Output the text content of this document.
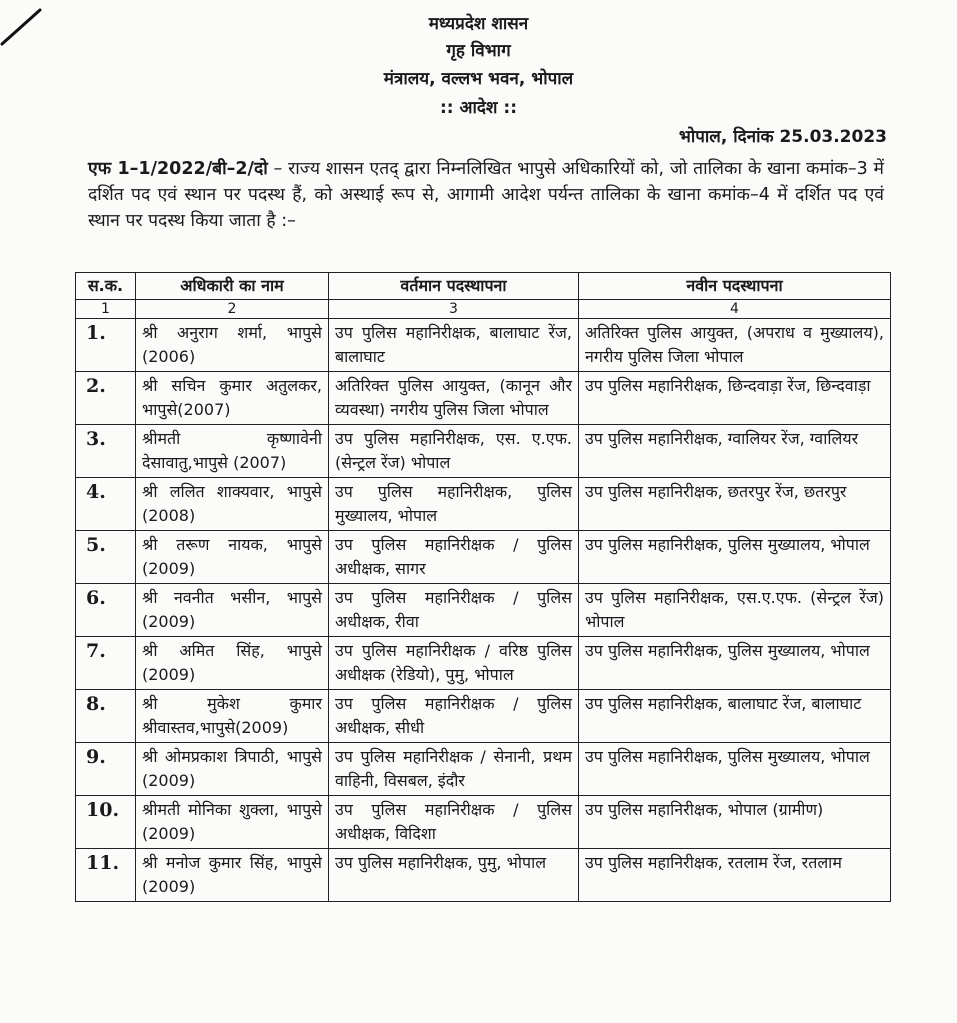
मध्यप्रदेश शासन
गृह विभाग
मंत्रालय, वल्लभ भवन, भोपाल
:: आदेश ::
भोपाल, दिनांक 25.03.2023
एफ 1–1/2022/बी–2/दो – राज्य शासन एतद् द्वारा निम्नलिखित भापुसे अधिकारियों को, जो तालिका के खाना कमांक–3 में दर्शित पद एवं स्थान पर पदस्थ हैं, को अस्थाई रूप से, आगामी आदेश पर्यन्त तालिका के खाना कमांक–4 में दर्शित पद एवं स्थान पर पदस्थ किया जाता है :–
स.क.	अधिकारी का नाम	वर्तमान पदस्थापना	नवीन पदस्थापना
1	2	3	4
1.	श्री अनुराग शर्मा, भापुसे (2006)	उप पुलिस महानिरीक्षक, बालाघाट रेंज, बालाघाट	अतिरिक्त पुलिस आयुक्त, (अपराध व मुख्यालय), नगरीय पुलिस जिला भोपाल
2.	श्री सचिन कुमार अतुलकर, भापुसे(2007)	अतिरिक्त पुलिस आयुक्त, (कानून और व्यवस्था) नगरीय पुलिस जिला भोपाल	उप पुलिस महानिरीक्षक, छिन्दवाड़ा रेंज, छिन्दवाड़ा
3.	श्रीमती कृष्णावेनी देसावातु,भापुसे (2007)	उप पुलिस महानिरीक्षक, एस. ए.एफ. (सेन्ट्रल रेंज) भोपाल	उप पुलिस महानिरीक्षक, ग्वालियर रेंज, ग्वालियर
4.	श्री ललित शाक्यवार, भापुसे (2008)	उप पुलिस महानिरीक्षक, पुलिस मुख्यालय, भोपाल	उप पुलिस महानिरीक्षक, छतरपुर रेंज, छतरपुर
5.	श्री तरूण नायक, भापुसे (2009)	उप पुलिस महानिरीक्षक / पुलिस अधीक्षक, सागर	उप पुलिस महानिरीक्षक, पुलिस मुख्यालय, भोपाल
6.	श्री नवनीत भसीन, भापुसे (2009)	उप पुलिस महानिरीक्षक / पुलिस अधीक्षक, रीवा	उप पुलिस महानिरीक्षक, एस.ए.एफ. (सेन्ट्रल रेंज) भोपाल
7.	श्री अमित सिंह, भापुसे (2009)	उप पुलिस महानिरीक्षक / वरिष्ठ पुलिस अधीक्षक (रेडियो), पुमु, भोपाल	उप पुलिस महानिरीक्षक, पुलिस मुख्यालय, भोपाल
8.	श्री मुकेश कुमार श्रीवास्तव,भापुसे(2009)	उप पुलिस महानिरीक्षक / पुलिस अधीक्षक, सीधी	उप पुलिस महानिरीक्षक, बालाघाट रेंज, बालाघाट
9.	श्री ओमप्रकाश त्रिपाठी, भापुसे (2009)	उप पुलिस महानिरीक्षक / सेनानी, प्रथम वाहिनी, विसबल, इंदौर	उप पुलिस महानिरीक्षक, पुलिस मुख्यालय, भोपाल
10.	श्रीमती मोनिका शुक्ला, भापुसे (2009)	उप पुलिस महानिरीक्षक / पुलिस अधीक्षक, विदिशा	उप पुलिस महानिरीक्षक, भोपाल (ग्रामीण)
11.	श्री मनोज कुमार सिंह, भापुसे (2009)	उप पुलिस महानिरीक्षक, पुमु, भोपाल	उप पुलिस महानिरीक्षक, रतलाम रेंज, रतलाम
